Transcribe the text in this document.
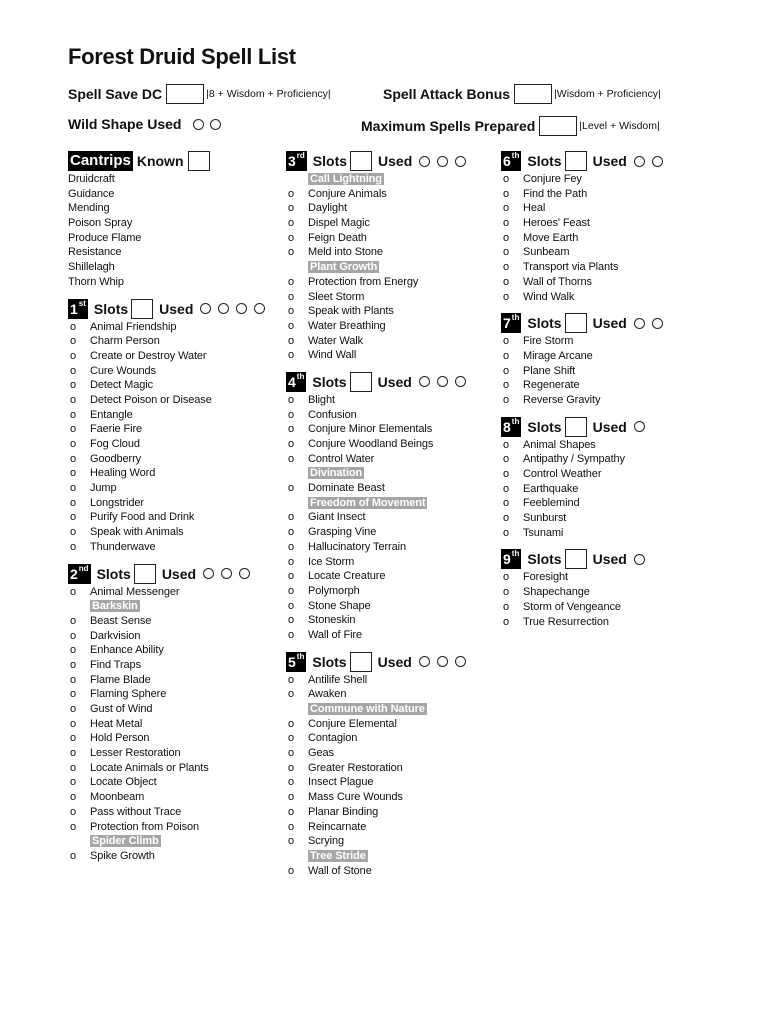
Forest Druid Spell List
Spell Save DC	|8 + Wisdom + Proficiency|	Spell Attack Bonus	|Wisdom + Proficiency|
Wild Shape Used	Maximum Spells Prepared	|Level + Wisdom|
Cantrips Known
Druidcraft
Guidance
Mending
Poison Spray
Produce Flame
Resistance
Shillelagh
Thorn Whip
1st Slots Used
o Animal Friendship
o Charm Person
o Create or Destroy Water
o Cure Wounds
o Detect Magic
o Detect Poison or Disease
o Entangle
o Faerie Fire
o Fog Cloud
o Goodberry
o Healing Word
o Jump
o Longstrider
o Purify Food and Drink
o Speak with Animals
o Thunderwave
2nd Slots Used
o Animal Messenger
Barkskin
o Beast Sense
o Darkvision
o Enhance Ability
o Find Traps
o Flame Blade
o Flaming Sphere
o Gust of Wind
o Heat Metal
o Hold Person
o Lesser Restoration
o Locate Animals or Plants
o Locate Object
o Moonbeam
o Pass without Trace
o Protection from Poison
Spider Climb
o Spike Growth
3rd Slots Used
Call Lightning
o Conjure Animals
o Daylight
o Dispel Magic
o Feign Death
o Meld into Stone
Plant Growth
o Protection from Energy
o Sleet Storm
o Speak with Plants
o Water Breathing
o Water Walk
o Wind Wall
4th Slots Used
o Blight
o Confusion
o Conjure Minor Elementals
o Conjure Woodland Beings
o Control Water
Divination
o Dominate Beast
Freedom of Movement
o Giant Insect
o Grasping Vine
o Hallucinatory Terrain
o Ice Storm
o Locate Creature
o Polymorph
o Stone Shape
o Stoneskin
o Wall of Fire
5th Slots Used
o Antilife Shell
o Awaken
Commune with Nature
o Conjure Elemental
o Contagion
o Geas
o Greater Restoration
o Insect Plague
o Mass Cure Wounds
o Planar Binding
o Reincarnate
o Scrying
Tree Stride
o Wall of Stone
6th Slots Used
o Conjure Fey
o Find the Path
o Heal
o Heroes' Feast
o Move Earth
o Sunbeam
o Transport via Plants
o Wall of Thorns
o Wind Walk
7th Slots Used
o Fire Storm
o Mirage Arcane
o Plane Shift
o Regenerate
o Reverse Gravity
8th Slots Used
o Animal Shapes
o Antipathy / Sympathy
o Control Weather
o Earthquake
o Feeblemind
o Sunburst
o Tsunami
9th Slots Used
o Foresight
o Shapechange
o Storm of Vengeance
o True Resurrection
